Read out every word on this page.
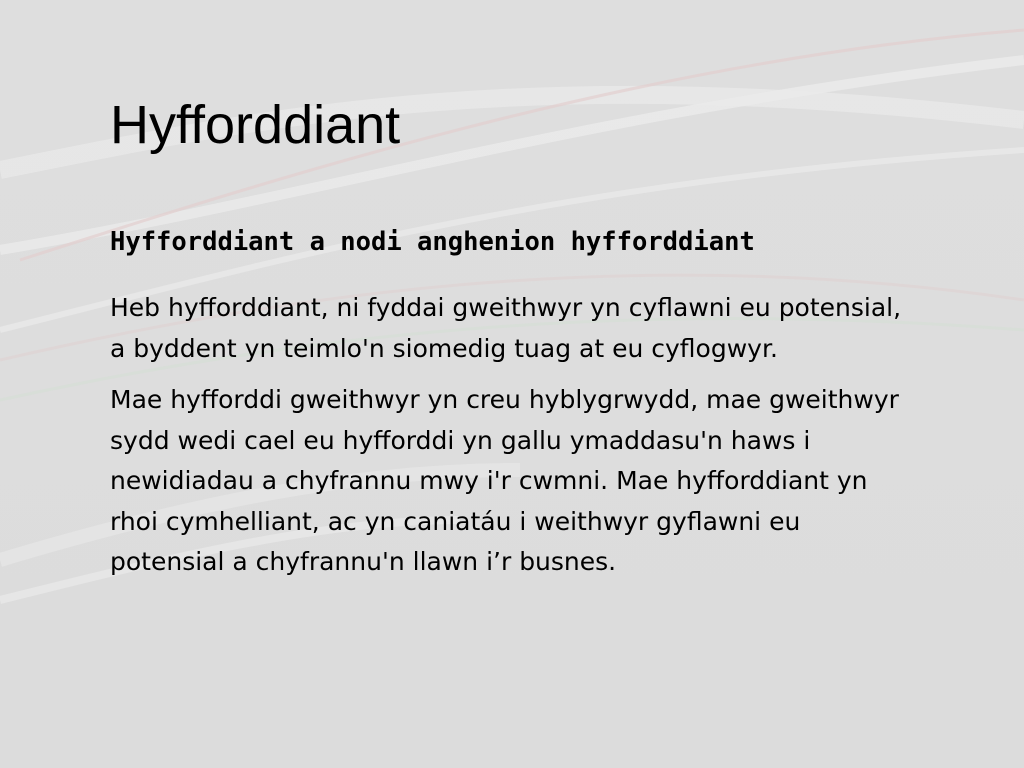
Hyfforddiant

Hyfforddiant a nodi anghenion hyfforddiant

Heb hyfforddiant, ni fyddai gweithwyr yn cyflawni eu potensial, a byddent yn teimlo'n siomedig tuag at eu cyflogwyr.

Mae hyfforddi gweithwyr yn creu hyblygrwydd, mae gweithwyr sydd wedi cael eu hyfforddi yn gallu ymaddasu'n haws i newidiadau a chyfrannu mwy i'r cwmni. Mae hyfforddiant yn rhoi cymhelliant, ac yn caniatáu i weithwyr gyflawni eu potensial a chyfrannu'n llawn i’r busnes.
